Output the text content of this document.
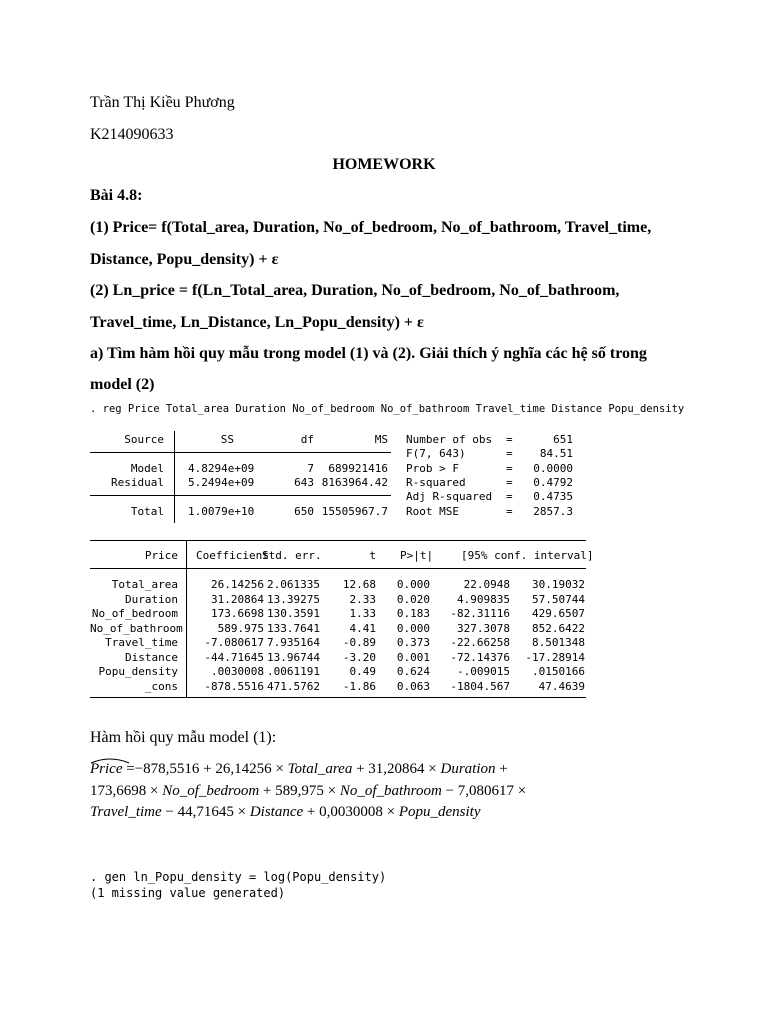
Trần Thị Kiều Phương
K214090633
HOMEWORK
Bài 4.8:
(1) Price= f(Total_area, Duration, No_of_bedroom, No_of_bathroom, Travel_time,
Distance, Popu_density) + ε
(2) Ln_price = f(Ln_Total_area, Duration, No_of_bedroom, No_of_bathroom,
Travel_time, Ln_Distance, Ln_Popu_density) + ε
a) Tìm hàm hồi quy mẫu trong model (1) và (2). Giải thích ý nghĩa các hệ số trong
model (2)
. reg Price Total_area Duration No_of_bedroom No_of_bathroom Travel_time Distance Popu_density
Source	SS	df	MS
Model 4.8294e+09	7	689921416
Residual 5.2494e+09	643 8163964.42
Total 1.0079e+10	650 15505967.7
Number of obs =	651
F(7, 643)	=	84.51
Prob > F	=	0.0000
R-squared	=	0.4792
Adj R-squared =	0.4735
Root MSE	=	2857.3
Price Coefficient
Std. err.	t P>|t|	[95% conf. interval]
Total_area	26.14256 2.061335	12.68	0.000	22.0948	30.19032
Duration	31.20864 13.39275	2.33	0.020	4.909835	57.50744
No_of_bedroom	173.6698 130.3591	1.33	0.183	-82.31116	429.6507
No_of_bathroom	589.975 133.7641	4.41	0.000	327.3078	852.6422
Travel_time	-7.080617 7.935164	-0.89	0.373	-22.66258	8.501348
Distance	-44.71645 13.96744	-3.20	0.001	-72.14376	-17.28914
Popu_density	.0030008 .0061191	0.49	0.624	-.009015	.0150166
_cons	-878.5516 471.5762	-1.86	0.063	-1804.567	47.4639
Hàm hồi quy mẫu model (1):
Price =−878,5516 + 26,14256 × Total_area + 31,20864 × Duration +
173,6698 × No_of_bedroom + 589,975 × No_of_bathroom − 7,080617 ×
Travel_time − 44,71645 × Distance + 0,0030008 × Popu_density
. gen ln_Popu_density = log(Popu_density)
(1 missing value generated)
